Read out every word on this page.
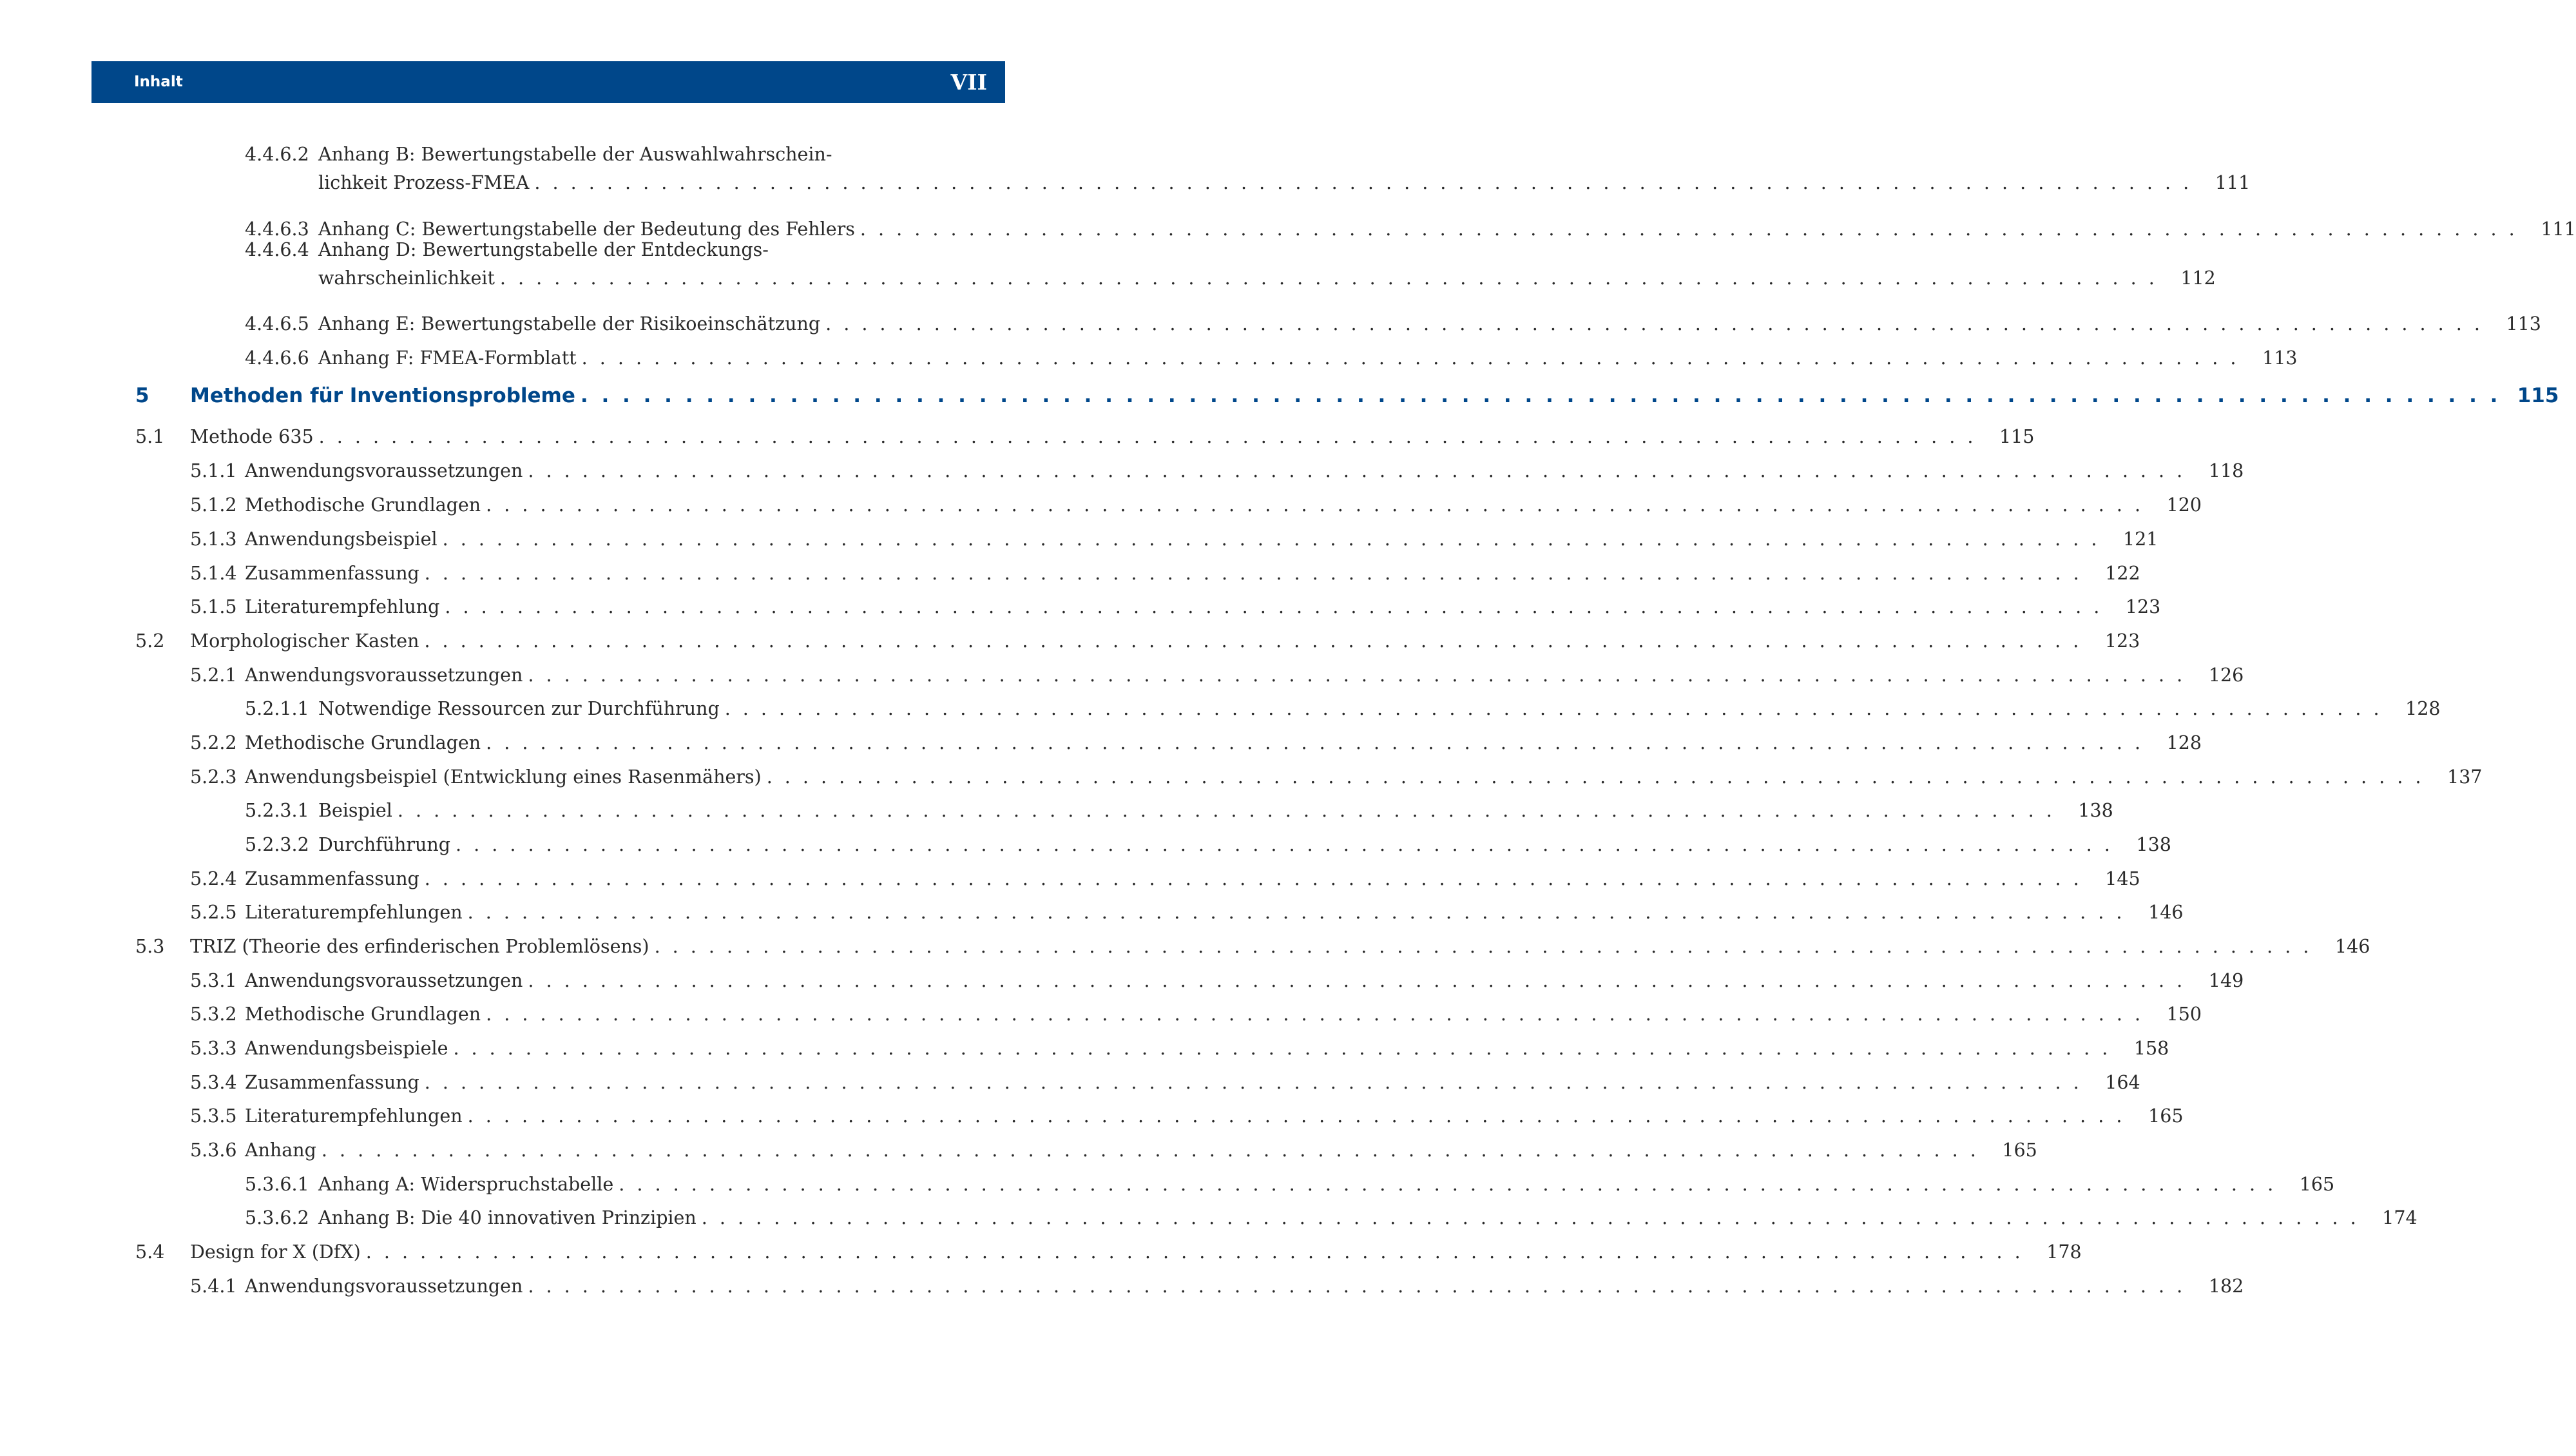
Inhalt	VII
4.4.6.2 Anhang B: Bewertungstabelle der Auswahlwahrschein-
lichkeit Prozess-FMEA . . . . . . . . . . . . . . . . . . . . . . . . . . . . . . . . . . . . . . . . . . . . . . . . . . . . . . . . . . . . . . . . . . . . . . . . . . . . . . . . . . . . . . . . . . . .	111
4.4.6.3 Anhang C: Bewertungstabelle der Bedeutung des Fehlers . . . . . . . . . . . . . . . . . . . . . . . . . . . . . . . . . . . . . . . . . . . . . . . . . . . . . . . . . . . . . . . . . . . . . . . . . . . . . . . . . . . . . . . . . . . .	111
4.4.6.4 Anhang D: Bewertungstabelle der Entdeckungs-
wahrscheinlichkeit . . . . . . . . . . . . . . . . . . . . . . . . . . . . . . . . . . . . . . . . . . . . . . . . . . . . . . . . . . . . . . . . . . . . . . . . . . . . . . . . . . . . . . . . . . . .	112
4.4.6.5 Anhang E: Bewertungstabelle der Risikoeinschätzung . . . . . . . . . . . . . . . . . . . . . . . . . . . . . . . . . . . . . . . . . . . . . . . . . . . . . . . . . . . . . . . . . . . . . . . . . . . . . . . . . . . . . . . . . . . .	113
4.4.6.6 Anhang F: FMEA-Formblatt . . . . . . . . . . . . . . . . . . . . . . . . . . . . . . . . . . . . . . . . . . . . . . . . . . . . . . . . . . . . . . . . . . . . . . . . . . . . . . . . . . . . . . . . . . . .	113
5 Methoden für Inventionsprobleme . . . . . . . . . . . . . . . . . . . . . . . . . . . . . . . . . . . . . . . . . . . . . . . . . . . . . . . . . . . . . . . . . . . . . . . . . . . . . . . . . . . . . . . . . . . . 115
5.1 Methode 635 . . . . . . . . . . . . . . . . . . . . . . . . . . . . . . . . . . . . . . . . . . . . . . . . . . . . . . . . . . . . . . . . . . . . . . . . . . . . . . . . . . . . . . . . . . . .	115
5.1.1 Anwendungsvoraussetzungen . . . . . . . . . . . . . . . . . . . . . . . . . . . . . . . . . . . . . . . . . . . . . . . . . . . . . . . . . . . . . . . . . . . . . . . . . . . . . . . . . . . . . . . . . . . .	118
5.1.2 Methodische Grundlagen . . . . . . . . . . . . . . . . . . . . . . . . . . . . . . . . . . . . . . . . . . . . . . . . . . . . . . . . . . . . . . . . . . . . . . . . . . . . . . . . . . . . . . . . . . . .	120
5.1.3 Anwendungsbeispiel . . . . . . . . . . . . . . . . . . . . . . . . . . . . . . . . . . . . . . . . . . . . . . . . . . . . . . . . . . . . . . . . . . . . . . . . . . . . . . . . . . . . . . . . . . . .	121
5.1.4 Zusammenfassung . . . . . . . . . . . . . . . . . . . . . . . . . . . . . . . . . . . . . . . . . . . . . . . . . . . . . . . . . . . . . . . . . . . . . . . . . . . . . . . . . . . . . . . . . . . .	122
5.1.5 Literaturempfehlung . . . . . . . . . . . . . . . . . . . . . . . . . . . . . . . . . . . . . . . . . . . . . . . . . . . . . . . . . . . . . . . . . . . . . . . . . . . . . . . . . . . . . . . . . . . .	123
5.2 Morphologischer Kasten . . . . . . . . . . . . . . . . . . . . . . . . . . . . . . . . . . . . . . . . . . . . . . . . . . . . . . . . . . . . . . . . . . . . . . . . . . . . . . . . . . . . . . . . . . . .	123
5.2.1 Anwendungsvoraussetzungen . . . . . . . . . . . . . . . . . . . . . . . . . . . . . . . . . . . . . . . . . . . . . . . . . . . . . . . . . . . . . . . . . . . . . . . . . . . . . . . . . . . . . . . . . . . .	126
5.2.1.1 Notwendige Ressourcen zur Durchführung . . . . . . . . . . . . . . . . . . . . . . . . . . . . . . . . . . . . . . . . . . . . . . . . . . . . . . . . . . . . . . . . . . . . . . . . . . . . . . . . . . . . . . . . . . . .	128
5.2.2 Methodische Grundlagen . . . . . . . . . . . . . . . . . . . . . . . . . . . . . . . . . . . . . . . . . . . . . . . . . . . . . . . . . . . . . . . . . . . . . . . . . . . . . . . . . . . . . . . . . . . .	128
5.2.3 Anwendungsbeispiel (Entwicklung eines Rasenmähers) . . . . . . . . . . . . . . . . . . . . . . . . . . . . . . . . . . . . . . . . . . . . . . . . . . . . . . . . . . . . . . . . . . . . . . . . . . . . . . . . . . . . . . . . . . . .	137
5.2.3.1 Beispiel . . . . . . . . . . . . . . . . . . . . . . . . . . . . . . . . . . . . . . . . . . . . . . . . . . . . . . . . . . . . . . . . . . . . . . . . . . . . . . . . . . . . . . . . . . . .	138
5.2.3.2 Durchführung . . . . . . . . . . . . . . . . . . . . . . . . . . . . . . . . . . . . . . . . . . . . . . . . . . . . . . . . . . . . . . . . . . . . . . . . . . . . . . . . . . . . . . . . . . . .	138
5.2.4 Zusammenfassung . . . . . . . . . . . . . . . . . . . . . . . . . . . . . . . . . . . . . . . . . . . . . . . . . . . . . . . . . . . . . . . . . . . . . . . . . . . . . . . . . . . . . . . . . . . .	145
5.2.5 Literaturempfehlungen . . . . . . . . . . . . . . . . . . . . . . . . . . . . . . . . . . . . . . . . . . . . . . . . . . . . . . . . . . . . . . . . . . . . . . . . . . . . . . . . . . . . . . . . . . . .	146
5.3 TRIZ (Theorie des erfinderischen Problemlösens) . . . . . . . . . . . . . . . . . . . . . . . . . . . . . . . . . . . . . . . . . . . . . . . . . . . . . . . . . . . . . . . . . . . . . . . . . . . . . . . . . . . . . . . . . . . .	146
5.3.1 Anwendungsvoraussetzungen . . . . . . . . . . . . . . . . . . . . . . . . . . . . . . . . . . . . . . . . . . . . . . . . . . . . . . . . . . . . . . . . . . . . . . . . . . . . . . . . . . . . . . . . . . . .	149
5.3.2 Methodische Grundlagen . . . . . . . . . . . . . . . . . . . . . . . . . . . . . . . . . . . . . . . . . . . . . . . . . . . . . . . . . . . . . . . . . . . . . . . . . . . . . . . . . . . . . . . . . . . .	150
5.3.3 Anwendungsbeispiele . . . . . . . . . . . . . . . . . . . . . . . . . . . . . . . . . . . . . . . . . . . . . . . . . . . . . . . . . . . . . . . . . . . . . . . . . . . . . . . . . . . . . . . . . . . .	158
5.3.4 Zusammenfassung . . . . . . . . . . . . . . . . . . . . . . . . . . . . . . . . . . . . . . . . . . . . . . . . . . . . . . . . . . . . . . . . . . . . . . . . . . . . . . . . . . . . . . . . . . . .	164
5.3.5 Literaturempfehlungen . . . . . . . . . . . . . . . . . . . . . . . . . . . . . . . . . . . . . . . . . . . . . . . . . . . . . . . . . . . . . . . . . . . . . . . . . . . . . . . . . . . . . . . . . . . .	165
5.3.6 Anhang . . . . . . . . . . . . . . . . . . . . . . . . . . . . . . . . . . . . . . . . . . . . . . . . . . . . . . . . . . . . . . . . . . . . . . . . . . . . . . . . . . . . . . . . . . . .	165
5.3.6.1 Anhang A: Widerspruchstabelle . . . . . . . . . . . . . . . . . . . . . . . . . . . . . . . . . . . . . . . . . . . . . . . . . . . . . . . . . . . . . . . . . . . . . . . . . . . . . . . . . . . . . . . . . . . .	165
5.3.6.2 Anhang B: Die 40 innovativen Prinzipien . . . . . . . . . . . . . . . . . . . . . . . . . . . . . . . . . . . . . . . . . . . . . . . . . . . . . . . . . . . . . . . . . . . . . . . . . . . . . . . . . . . . . . . . . . . .	174
5.4 Design for X (DfX) . . . . . . . . . . . . . . . . . . . . . . . . . . . . . . . . . . . . . . . . . . . . . . . . . . . . . . . . . . . . . . . . . . . . . . . . . . . . . . . . . . . . . . . . . . . .	178
5.4.1 Anwendungsvoraussetzungen . . . . . . . . . . . . . . . . . . . . . . . . . . . . . . . . . . . . . . . . . . . . . . . . . . . . . . . . . . . . . . . . . . . . . . . . . . . . . . . . . . . . . . . . . . . .	182
